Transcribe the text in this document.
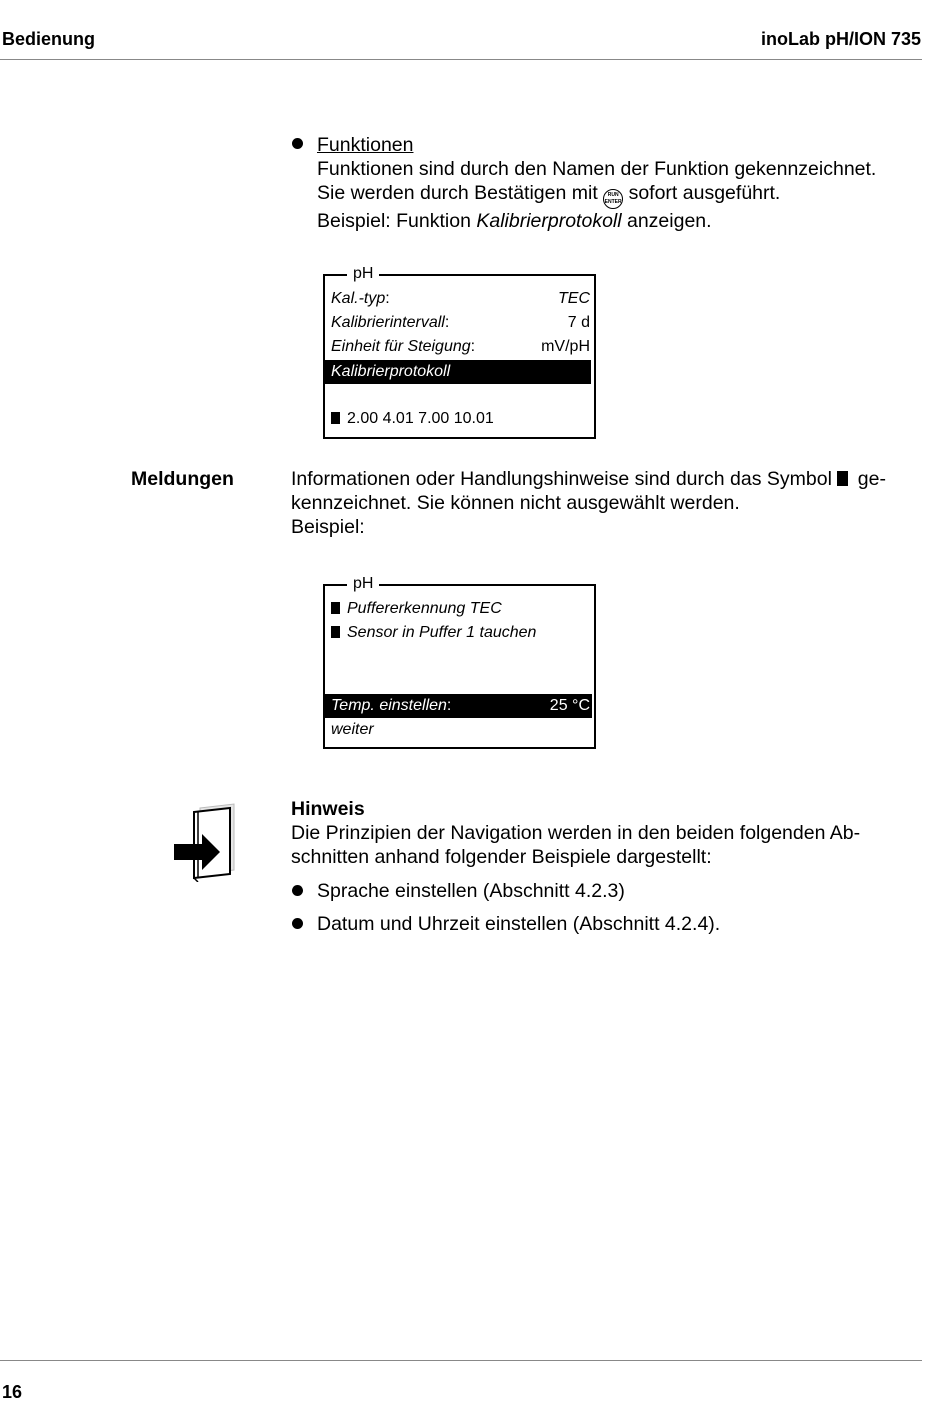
Bedienung	inoLab pH/ION 735
Funktionen
Funktionen sind durch den Namen der Funktion gekennzeichnet.
Sie werden durch Bestätigen mit RUN
ENTER sofort ausgeführt.
Beispiel: Funktion Kalibrierprotokoll anzeigen.
pH
Kal.-typ:	TEC
Kalibrierintervall:	7 d
Einheit für Steigung:	mV/pH
Kalibrierprotokoll
2.00 4.01 7.00 10.01
Meldungen	Informationen oder Handlungshinweise sind durch das Symbol ge-
kennzeichnet. Sie können nicht ausgewählt werden.
Beispiel:
pH
Puffererkennung TEC
Sensor in Puffer 1 tauchen
Temp. einstellen:	25 °C
weiter
Hinweis
Die Prinzipien der Navigation werden in den beiden folgenden Ab-
schnitten anhand folgender Beispiele dargestellt:
Sprache einstellen (Abschnitt 4.2.3)
Datum und Uhrzeit einstellen (Abschnitt 4.2.4).
16
